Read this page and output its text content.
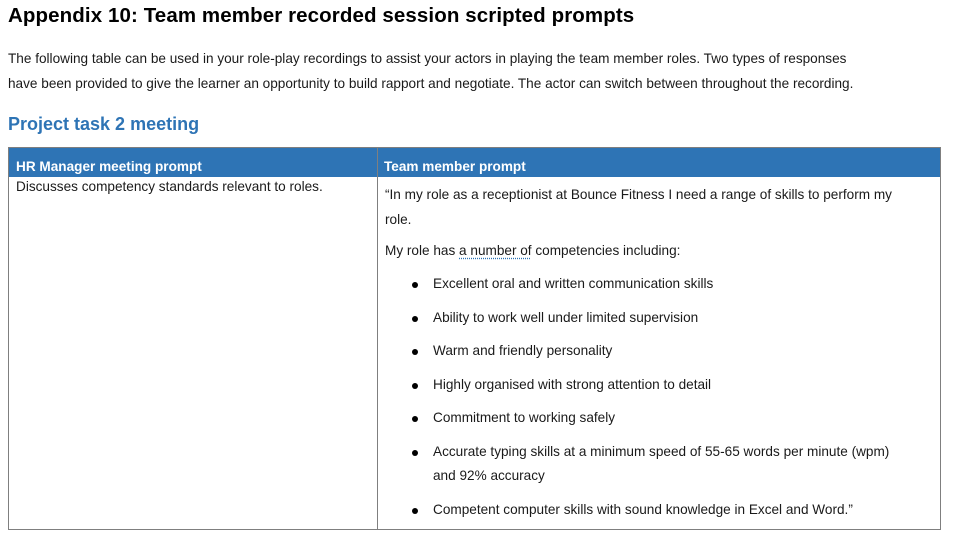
Appendix 10: Team member recorded session scripted prompts
The following table can be used in your role-play recordings to assist your actors in playing the team member roles. Two types of responses
have been provided to give the learner an opportunity to build rapport and negotiate. The actor can switch between throughout the recording.
Project task 2 meeting
HR Manager meeting prompt	Team member prompt
Discusses competency standards relevant to roles.

“In my role as a receptionist at Bounce Fitness I need a range of skills to perform my

role.

My role has a number of competencies including:

Excellent oral and written communication skills
Ability to work well under limited supervision
Warm and friendly personality
Highly organised with strong attention to detail
Commitment to working safely
Accurate typing skills at a minimum speed of 55-65 words per minute (wpm)
and 92% accuracy
Competent computer skills with sound knowledge in Excel and Word.”
